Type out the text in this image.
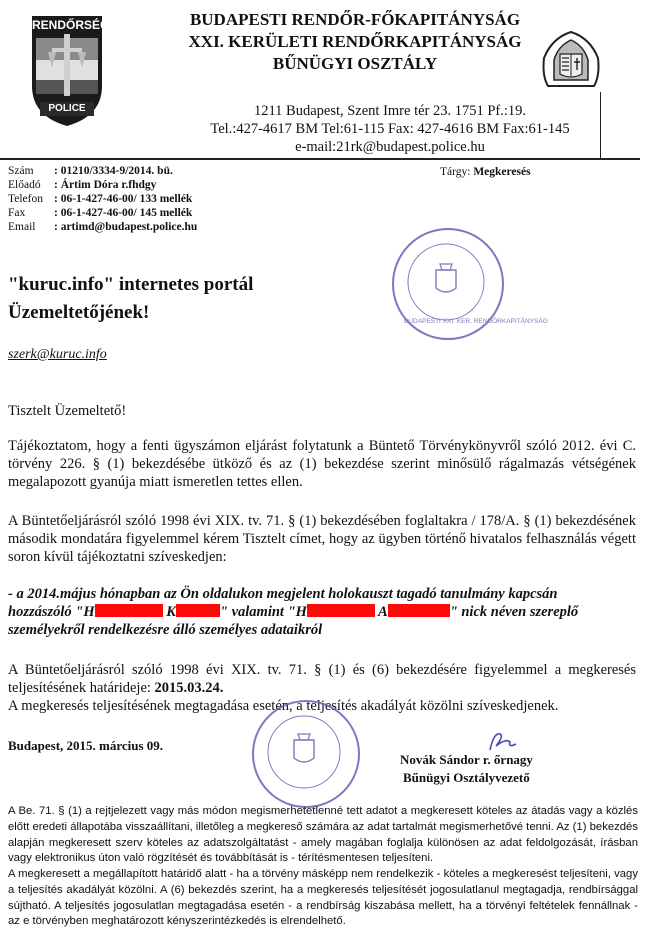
RENDŐRSÉG
POLICE
BUDAPESTI RENDŐR-FŐKAPITÁNYSÁG
XXI. KERÜLETI RENDŐRKAPITÁNYSÁG
BŰNÜGYI OSZTÁLY
1211 Budapest, Szent Imre tér 23. 1751 Pf.:19.
Tel.:427-4617 BM Tel:61-115 Fax: 427-4616 BM Fax:61-145
e-mail:21rk@budapest.police.hu
Szám : 01210/3334-9/2014. bü.
Előadó : Ártim Dóra r.fhdgy
Telefon : 06-1-427-46-00/ 133 mellék
Fax	: 06-1-427-46-00/ 145 mellék
Email : artimd@budapest.police.hu
Tárgy: Megkeresés
BUDAPESTI XXI. KER. RENDŐRKAPITÁNYSÁG
"kuruc.info" internetes portál
Üzemeltetőjének!
szerk@kuruc.info
Tisztelt Üzemeltető!
Tájékoztatom, hogy a fenti ügyszámon eljárást folytatunk a Büntető Törvénykönyvről szóló 2012. évi C. törvény 226. § (1) bekezdésébe ütköző és az (1) bekezdése szerint minősülő rágalmazás vétségének megalapozott gyanúja miatt ismeretlen tettes ellen.
A Büntetőeljárásról szóló 1998 évi XIX. tv. 71. § (1) bekezdésében foglaltakra / 178/A. § (1) bekezdésének második mondatára figyelemmel kérem Tisztelt címet, hogy az ügyben történő hivatalos felhasználás végett soron kívül tájékoztatni szíveskedjen:
- a 2014.május hónapban az Ön oldalukon megjelent holokauszt tagadó tanulmány kapcsán
hozzászóló "H	K	" valamint "H	A	" nick néven szereplő
személyekről rendelkezésre álló személyes adataikról
A Büntetőeljárásról szóló 1998 évi XIX. tv. 71. § (1) és (6) bekezdésére figyelemmel a megkeresés teljesítésének határideje: 2015.03.24.
A megkeresés teljesítésének megtagadása esetén, a teljesítés akadályát közölni szíveskedjenek.
Budapest, 2015. március 09.
Novák Sándor r. őrnagy
Bűnügyi Osztályvezető
A Be. 71. § (1) a rejtjelezett vagy más módon megismerhetetlenné tett adatot a megkeresett köteles az átadás vagy a közlés előtt eredeti állapotába visszaállítani, illetőleg a megkereső számára az adat tartalmát megismerhetővé tenni. Az (1) bekezdés alapján megkeresett szerv köteles az adatszolgáltatást - amely magában foglalja különösen az adat feldolgozását, írásban vagy elektronikus úton való rögzítését és továbbítását is - térítésmentesen teljesíteni.
A megkeresett a megállapított határidő alatt - ha a törvény másképp nem rendelkezik - köteles a megkeresést teljesíteni, vagy a teljesítés akadályát közölni. A (6) bekezdés szerint, ha a megkeresés teljesítését jogosulatlanul megtagadja, rendbírsággal sújtható. A teljesítés jogosulatlan megtagadása esetén - a rendbírság kiszabása mellett, ha a törvényi feltételek fennállnak - az e törvényben meghatározott kényszerintézkedés is elrendelhető.
